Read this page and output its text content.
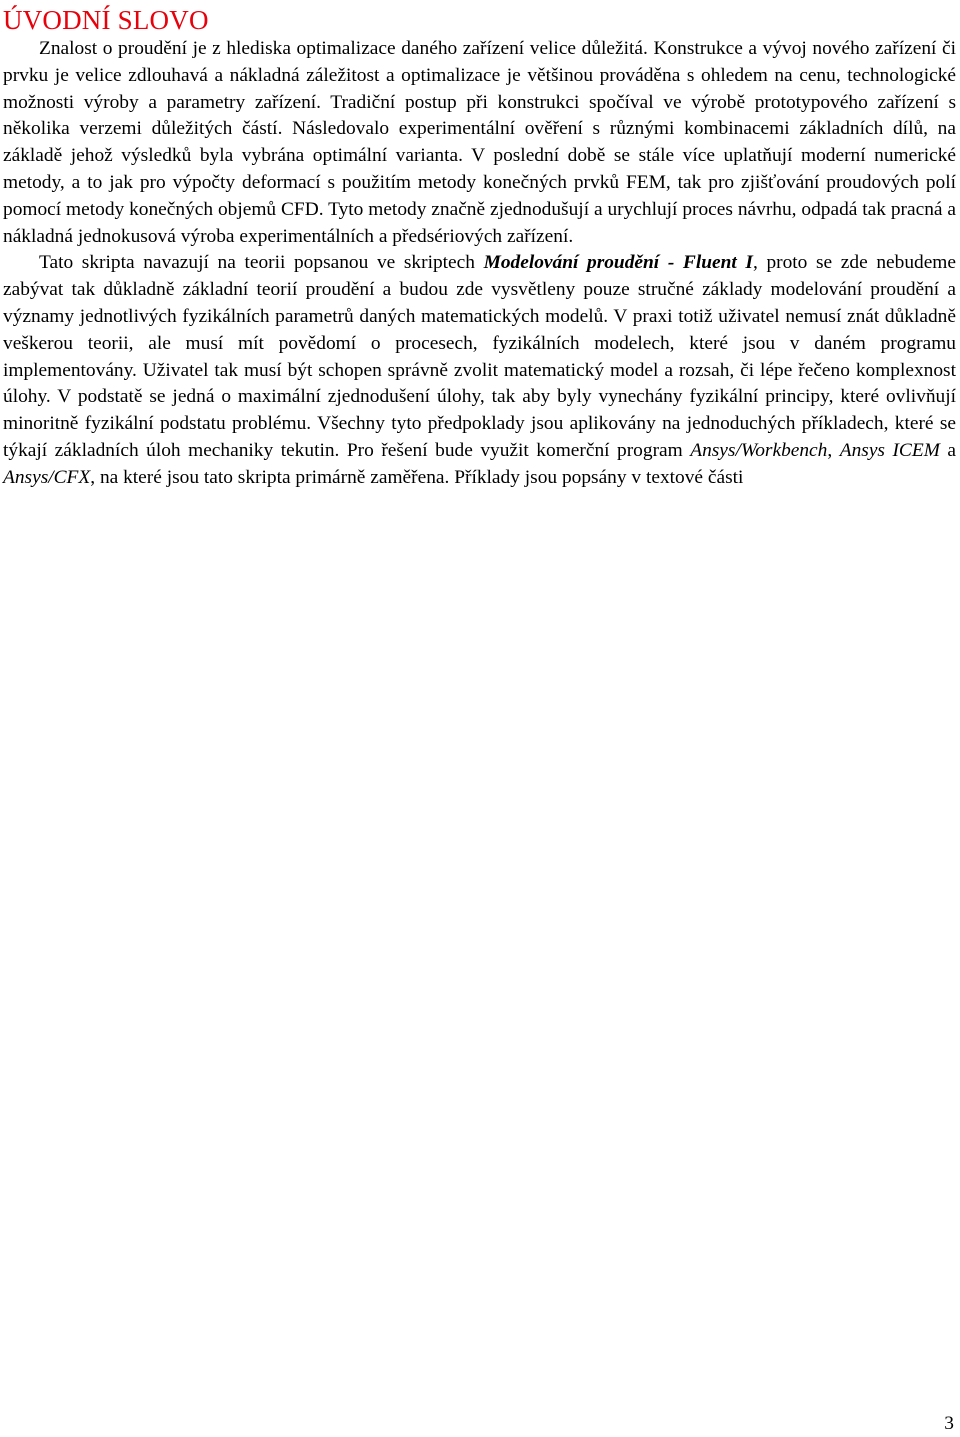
ÚVODNÍ SLOVO

Znalost o proudění je z hlediska optimalizace daného zařízení velice důležitá. Konstrukce a vývoj nového zařízení či prvku je velice zdlouhavá a nákladná záležitost a optimalizace je většinou prováděna s ohledem na cenu, technologické možnosti výroby a parametry zařízení. Tradiční postup při konstrukci spočíval ve výrobě prototypového zařízení s několika verzemi důležitých částí. Následovalo experimentální ověření s různými kombinacemi základních dílů, na základě jehož výsledků byla vybrána optimální varianta. V poslední době se stále více uplatňují moderní numerické metody, a to jak pro výpočty deformací s použitím metody konečných prvků FEM, tak pro zjišťování proudových polí pomocí metody konečných objemů CFD. Tyto metody značně zjednodušují a urychlují proces návrhu, odpadá tak pracná a nákladná jednokusová výroba experimentálních a předsériových zařízení.

Tato skripta navazují na teorii popsanou ve skriptech Modelování proudění - Fluent I, proto se zde nebudeme zabývat tak důkladně základní teorií proudění a budou zde vysvětleny pouze stručné základy modelování proudění a významy jednotlivých fyzikálních parametrů daných matematických modelů. V praxi totiž uživatel nemusí znát důkladně veškerou teorii, ale musí mít povědomí o procesech, fyzikálních modelech, které jsou v daném programu implementovány. Uživatel tak musí být schopen správně zvolit matematický model a rozsah, či lépe řečeno komplexnost úlohy. V podstatě se jedná o maximální zjednodušení úlohy, tak aby byly vynechány fyzikální principy, které ovlivňují minoritně fyzikální podstatu problému. Všechny tyto předpoklady jsou aplikovány na jednoduchých příkladech, které se týkají základních úloh mechaniky tekutin. Pro řešení bude využit komerční program Ansys/Workbench, Ansys ICEM a Ansys/CFX, na které jsou tato skripta primárně zaměřena. Příklady jsou popsány v textové části

3
